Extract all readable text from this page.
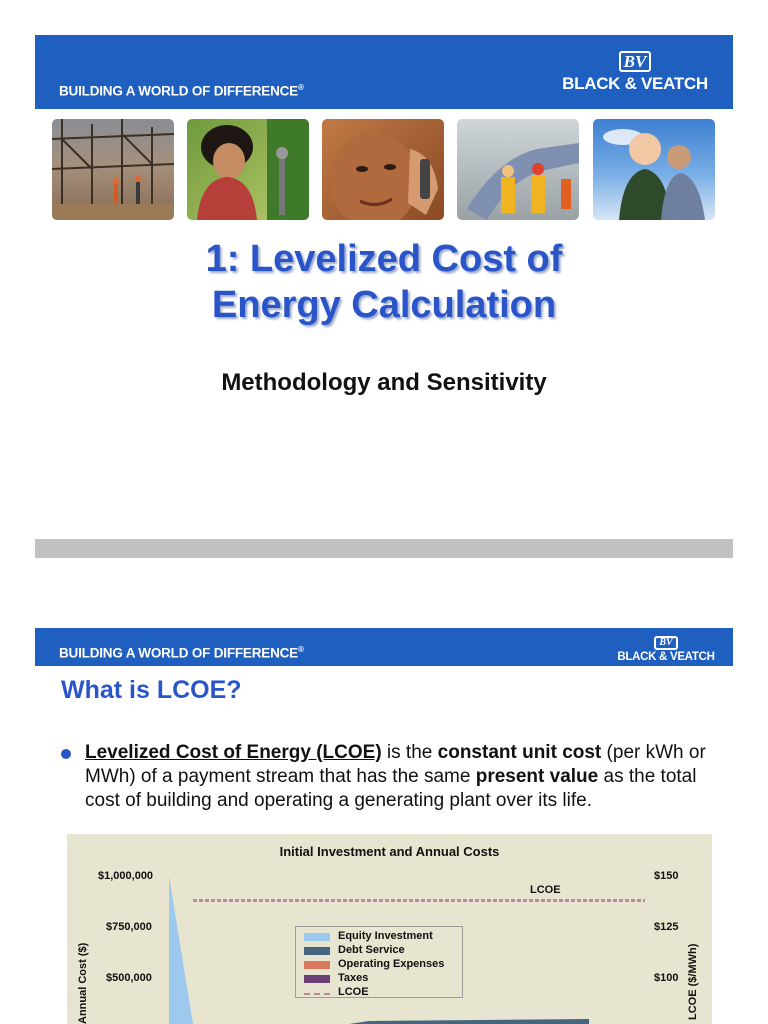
BUILDING A WORLD OF DIFFERENCE®
BV
BLACK & VEATCH
1: Levelized Cost of Energy Calculation
Methodology and Sensitivity
BUILDING A WORLD OF DIFFERENCE®
BV
BLACK & VEATCH
What is LCOE?
Levelized Cost of Energy (LCOE) is the constant unit cost (per kWh or MWh) of a payment stream that has the same present value as the total cost of building and operating a generating plant over its life.
Initial Investment and Annual Costs
$1,000,000
$750,000
$500,000
$150
$125
$100
Annual Cost ($)	LCOE ($/MWh)
LCOE
Equity Investment
Debt Service
Operating Expenses
Taxes
LCOE
